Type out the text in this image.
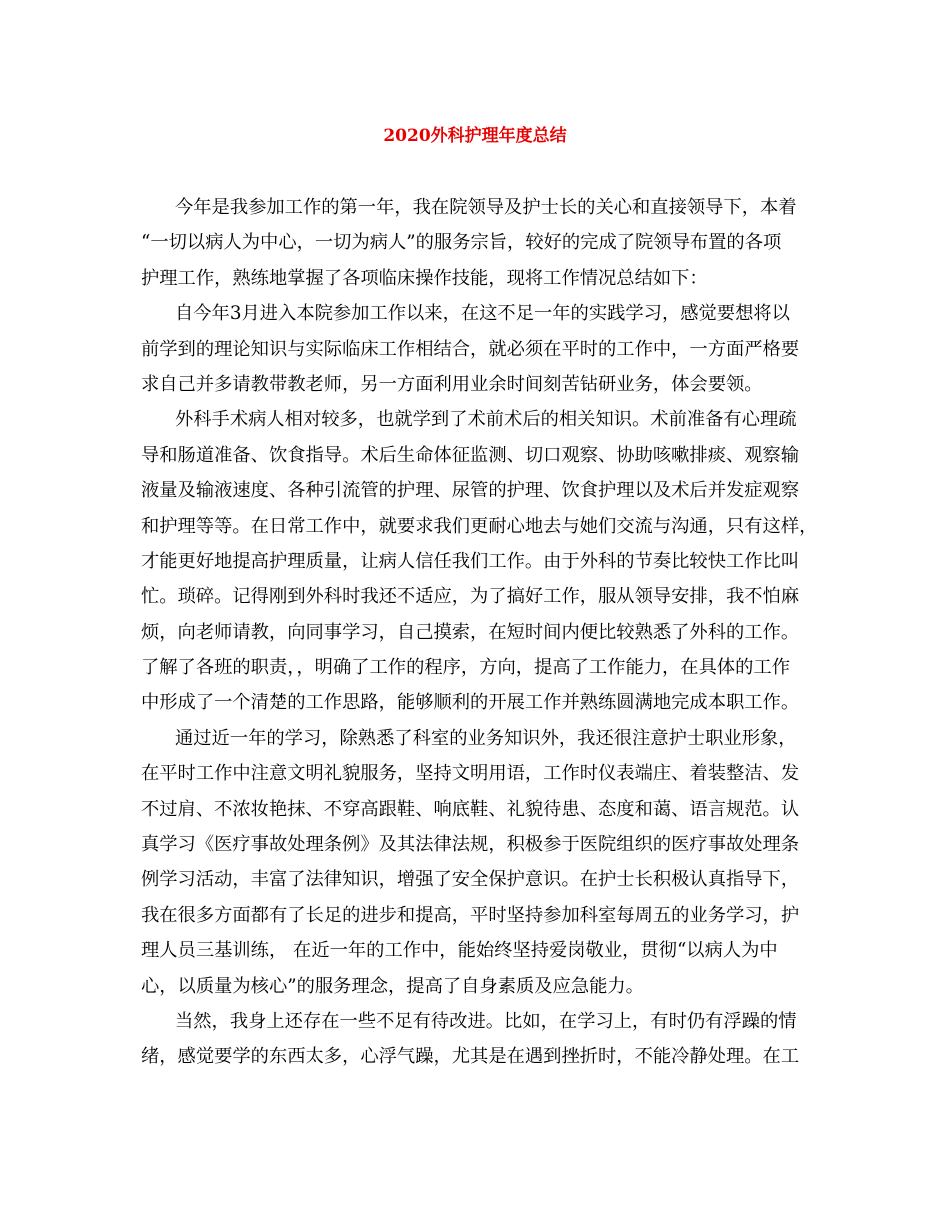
2020外科护理年度总结
今年是我参加工作的第一年，我在院领导及护士长的关心和直接领导下，本着
“一切以病人为中心，一切为病人”的服务宗旨，较好的完成了院领导布置的各项
护理工作，熟练地掌握了各项临床操作技能，现将工作情况总结如下：
自今年3月进入本院参加工作以来，在这不足一年的实践学习，感觉要想将以
前学到的理论知识与实际临床工作相结合，就必须在平时的工作中，一方面严格要
求自己并多请教带教老师，另一方面利用业余时间刻苦钻研业务，体会要领。
外科手术病人相对较多，也就学到了术前术后的相关知识。术前准备有心理疏
导和肠道准备、饮食指导。术后生命体征监测、切口观察、协助咳嗽排痰、观察输
液量及输液速度、各种引流管的护理、尿管的护理、饮食护理以及术后并发症观察
和护理等等。在日常工作中，就要求我们更耐心地去与她们交流与沟通，只有这样，
才能更好地提高护理质量，让病人信任我们工作。由于外科的节奏比较快工作比叫
忙。琐碎。记得刚到外科时我还不适应，为了搞好工作，服从领导安排，我不怕麻
烦，向老师请教，向同事学习，自己摸索，在短时间内便比较熟悉了外科的工作。
了解了各班的职责，，明确了工作的程序，方向，提高了工作能力，在具体的工作
中形成了一个清楚的工作思路，能够顺利的开展工作并熟练圆满地完成本职工作。
通过近一年的学习，除熟悉了科室的业务知识外，我还很注意护士职业形象，
在平时工作中注意文明礼貌服务，坚持文明用语，工作时仪表端庄、着装整洁、发
不过肩、不浓妆艳抹、不穿高跟鞋、响底鞋、礼貌待患、态度和蔼、语言规范。认
真学习《医疗事故处理条例》及其法律法规，积极参于医院组织的医疗事故处理条
例学习活动，丰富了法律知识，增强了安全保护意识。在护士长积极认真指导下，
我在很多方面都有了长足的进步和提高，平时坚持参加科室每周五的业务学习，护
理人员三基训练， 在近一年的工作中，能始终坚持爱岗敬业，贯彻“以病人为中
心，以质量为核心”的服务理念，提高了自身素质及应急能力。
当然，我身上还存在一些不足有待改进。比如，在学习上，有时仍有浮躁的情
绪，感觉要学的东西太多，心浮气躁，尤其是在遇到挫折时，不能冷静处理。在工
